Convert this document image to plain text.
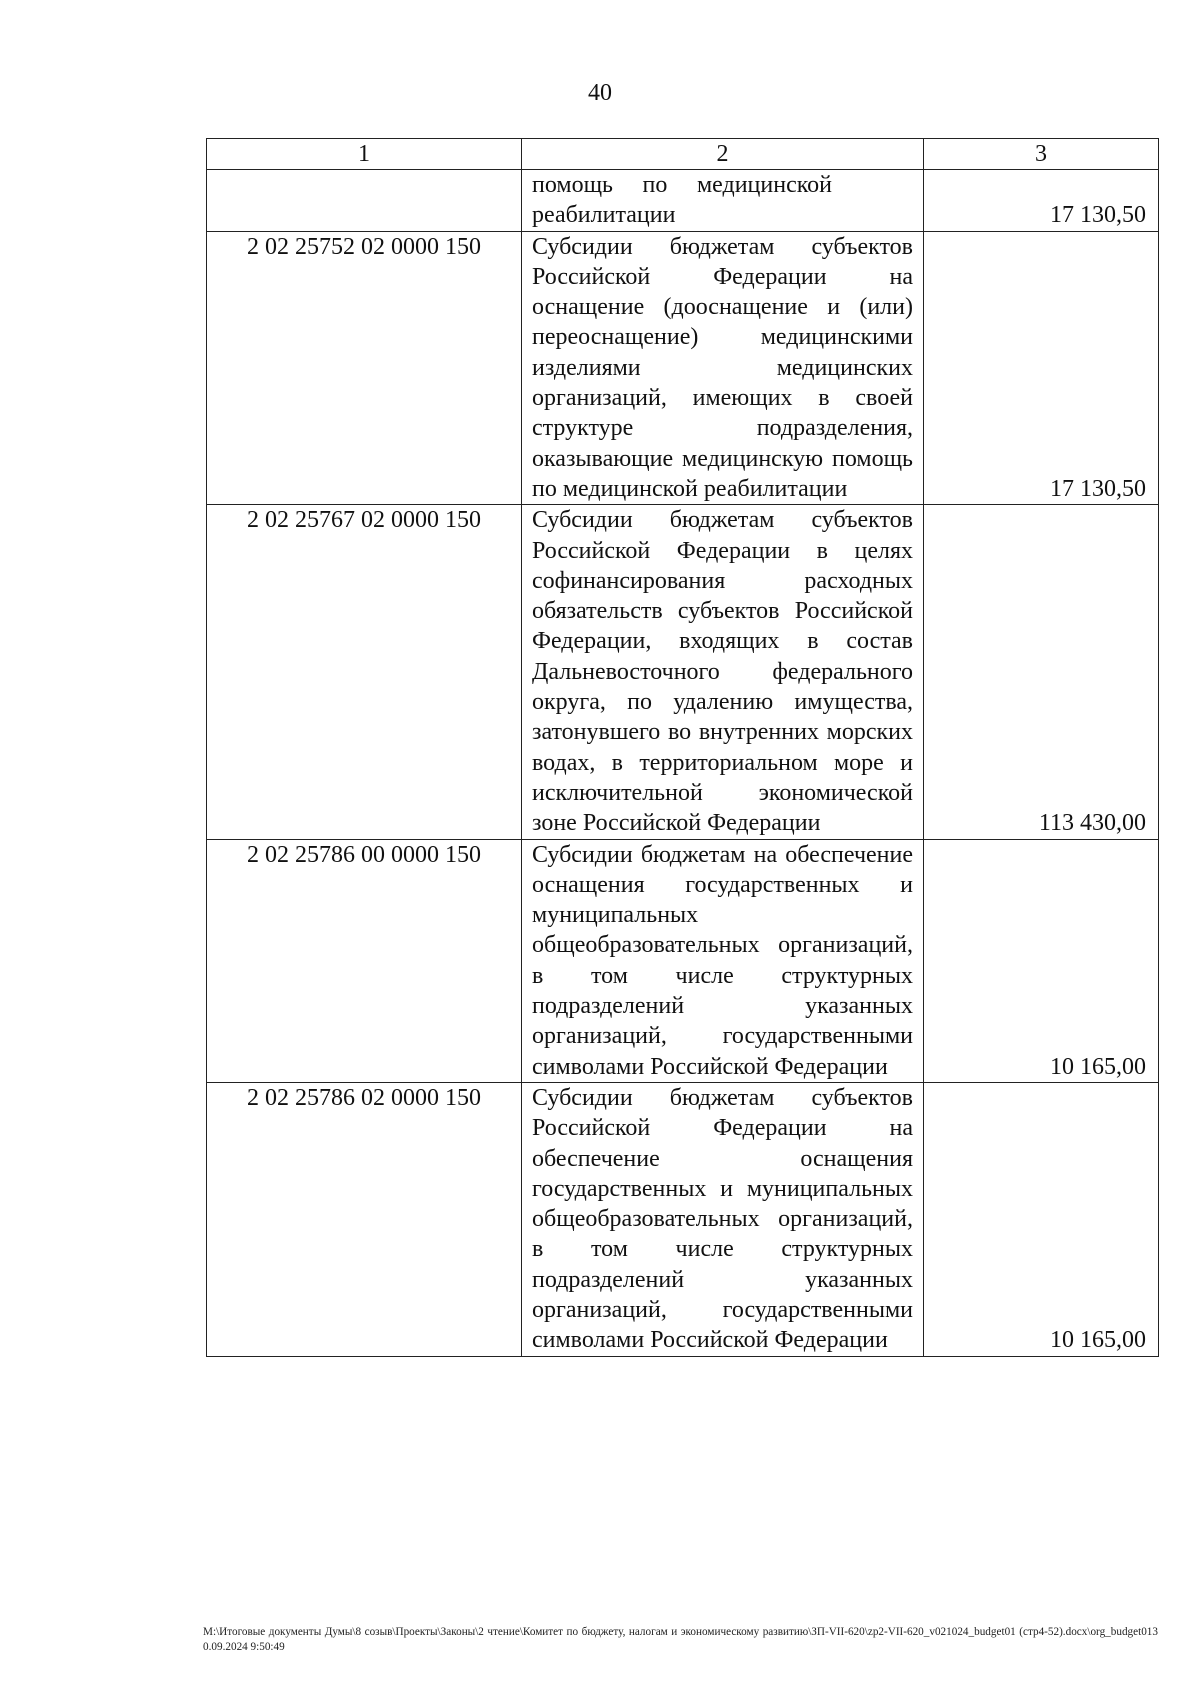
40
1	2	3

	помощь по медицинской реабилитации	17 130,50

2 02 25752 02 0000 150	Субсидии бюджетам субъектов Российской Федерации на оснащение (дооснащение и (или) переоснащение) медицинскими изделиями медицинских организаций, имеющих в своей структуре подразделения, оказывающие медицинскую помощь по медицинской реабилитации	17 130,50

2 02 25767 02 0000 150	Субсидии бюджетам субъектов Российской Федерации в целях софинансирования расходных обязательств субъектов Российской Федерации, входящих в состав Дальневосточного федерального округа, по удалению имущества, затонувшего во внутренних морских водах, в территориальном море и исключительной экономической зоне Российской Федерации	113 430,00

2 02 25786 00 0000 150	Субсидии бюджетам на обеспечение оснащения государственных и муниципальных общеобразовательных организаций, в том числе структурных подразделений указанных организаций, государственными символами Российской Федерации	10 165,00

2 02 25786 02 0000 150	Субсидии бюджетам субъектов Российской Федерации на обеспечение оснащения государственных и муниципальных общеобразовательных организаций, в том числе структурных подразделений указанных организаций, государственными символами Российской Федерации	10 165,00
M:\Итоговые документы Думы\8 созыв\Проекты\Законы\2 чтение\Комитет по бюджету, налогам и экономическому развитию\ЗП-VII-620\zp2-VII-620_v021024_budget01 (стр4-52).docx\org_budget0130.09.2024 9:50:49
